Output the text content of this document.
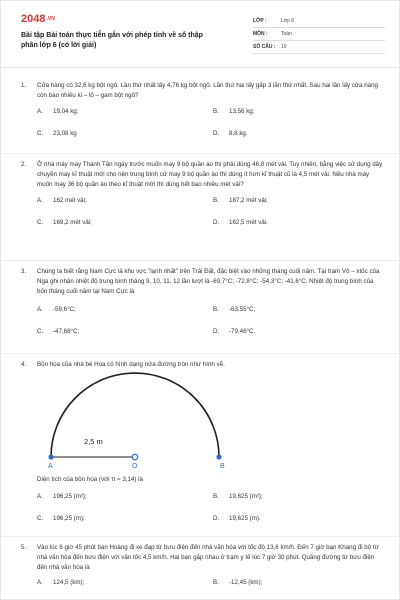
2048.VN
Bài tập Bài toán thực tiễn gắn với phép tính về số thập phân lớp 6 (có lời giải)
LỚP :	Lớp 6
MÔN :	Toán
SỐ CÂU :	10
1.	Cửa hàng có 32,6 kg bột ngô. Lần thứ nhất lấy 4,76 kg bột ngô. Lần thứ hai lấy gấp 3 lần thứ nhất. Sau hai lần lấy cửa hàng còn bao nhiêu ki – lô – gam bột ngô?
A.	19,04 kg;	B.	13,56 kg;
C.	23,08 kg	D.	8,8 kg.
2.	Ở nhà máy may Thanh Tân ngày trước muốn may 9 bộ quần áo thì phải dùng 46,8 mét vải. Tuy nhiên, bằng việc sử dụng dây chuyền may kĩ thuật mới cho nên trung bình cứ may 9 bộ quần áo thì dùng ít hơn kĩ thuật cũ là 4,5 mét vải. Nếu nhà máy muốn may 36 bộ quần áo theo kĩ thuật mới thì dùng hết bao nhiêu mét vải?
A.	162 mét vải;	B.	187,2 mét vải;
C.	169,2 mét vải;	D.	162,5 mét vải.
3.	Chúng ta biết rằng Nam Cực là khu vực "lạnh nhất" trên Trái Đất, đặc biệt vào những tháng cuối năm. Tại trạm Vô – xtốc của Nga ghi nhận nhiệt độ trung bình tháng 9, 10, 11, 12 lần lượt là -69,7°C; -72,8°C; -54,3°C; -41,6°C. Nhiệt độ trung bình của bốn tháng cuối năm tại Nam Cực là
A.	-59,6°C;	B.	-63,55°C;
C.	-47,68°C;	D.	-79,46°C.
4.	Bồn hoa của nhà bé Hoa có hình dạng nửa đường tròn như hình vẽ.
2,5 m
A	O	B
Diện tích của bồn hoa (với π ≈ 3,14) là
A.	196,25 (m²);	B.	19,625 (m²);
C.	196,25 (m);	D.	19,625 (m).
5.	Vào lúc 6 giờ 45 phút bạn Hoàng đi xe đạp từ bưu điện đến nhà văn hóa với tốc độ 13,6 km/h. Đến 7 giờ bạn Khang đi bộ từ nhà văn hóa đến bưu điện với vận tốc 4,5 km/h. Hai bạn gặp nhau ở trạm y tế lúc 7 giờ 30 phút. Quãng đường từ bưu điện đến nhà văn hóa là
A.	124,5 (km);	B.	-12,45 (km);
